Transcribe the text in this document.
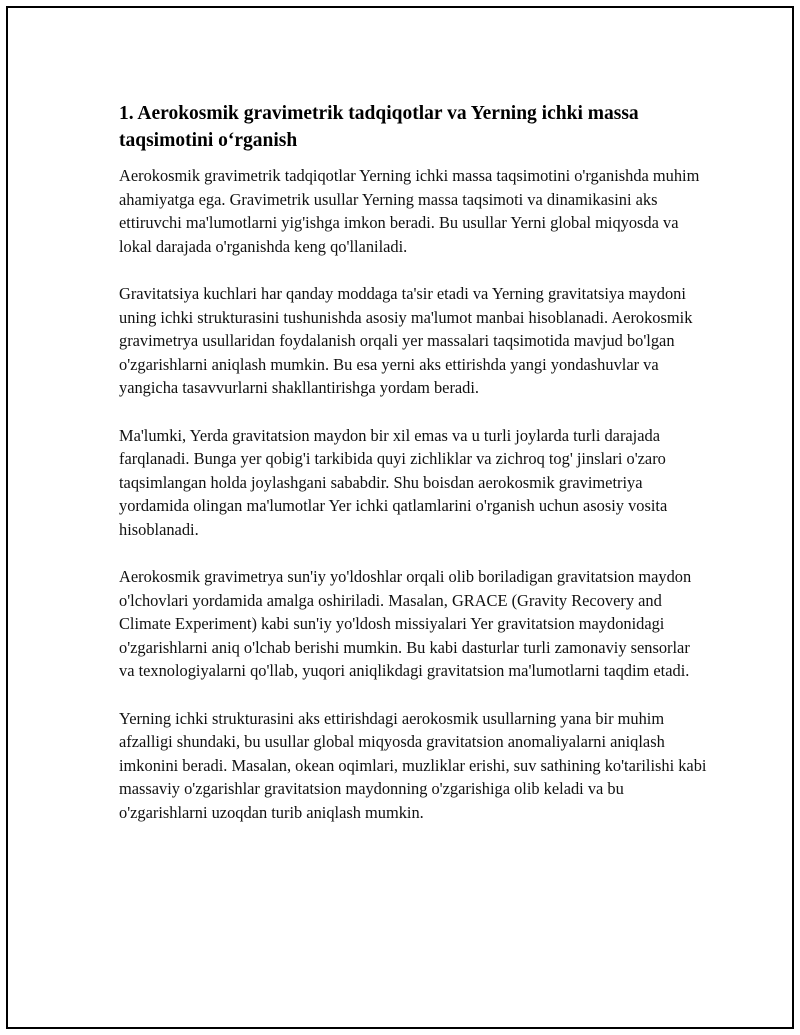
1. Aerokosmik gravimetrik tadqiqotlar va Yerning ichki massa taqsimotini o‘rganish

Aerokosmik gravimetrik tadqiqotlar Yerning ichki massa taqsimotini o'rganishda muhim ahamiyatga ega. Gravimetrik usullar Yerning massa taqsimoti va dinamikasini aks ettiruvchi ma'lumotlarni yig'ishga imkon beradi. Bu usullar Yerni global miqyosda va lokal darajada o'rganishda keng qo'llaniladi.

Gravitatsiya kuchlari har qanday moddaga ta'sir etadi va Yerning gravitatsiya maydoni uning ichki strukturasini tushunishda asosiy ma'lumot manbai hisoblanadi. Aerokosmik gravimetrya usullaridan foydalanish orqali yer massalari taqsimotida mavjud bo'lgan o'zgarishlarni aniqlash mumkin. Bu esa yerni aks ettirishda yangi yondashuvlar va yangicha tasavvurlarni shakllantirishga yordam beradi.

Ma'lumki, Yerda gravitatsion maydon bir xil emas va u turli joylarda turli darajada farqlanadi. Bunga yer qobig'i tarkibida quyi zichliklar va zichroq tog' jinslari o'zaro taqsimlangan holda joylashgani sababdir. Shu boisdan aerokosmik gravimetriya yordamida olingan ma'lumotlar Yer ichki qatlamlarini o'rganish uchun asosiy vosita hisoblanadi.

Aerokosmik gravimetrya sun'iy yo'ldoshlar orqali olib boriladigan gravitatsion maydon o'lchovlari yordamida amalga oshiriladi. Masalan, GRACE (Gravity Recovery and Climate Experiment) kabi sun'iy yo'ldosh missiyalari Yer gravitatsion maydonidagi o'zgarishlarni aniq o'lchab berishi mumkin. Bu kabi dasturlar turli zamonaviy sensorlar va texnologiyalarni qo'llab, yuqori aniqlikdagi gravitatsion ma'lumotlarni taqdim etadi.

Yerning ichki strukturasini aks ettirishdagi aerokosmik usullarning yana bir muhim afzalligi shundaki, bu usullar global miqyosda gravitatsion anomaliyalarni aniqlash imkonini beradi. Masalan, okean oqimlari, muzliklar erishi, suv sathining ko'tarilishi kabi massaviy o'zgarishlar gravitatsion maydonning o'zgarishiga olib keladi va bu o'zgarishlarni uzoqdan turib aniqlash mumkin.
